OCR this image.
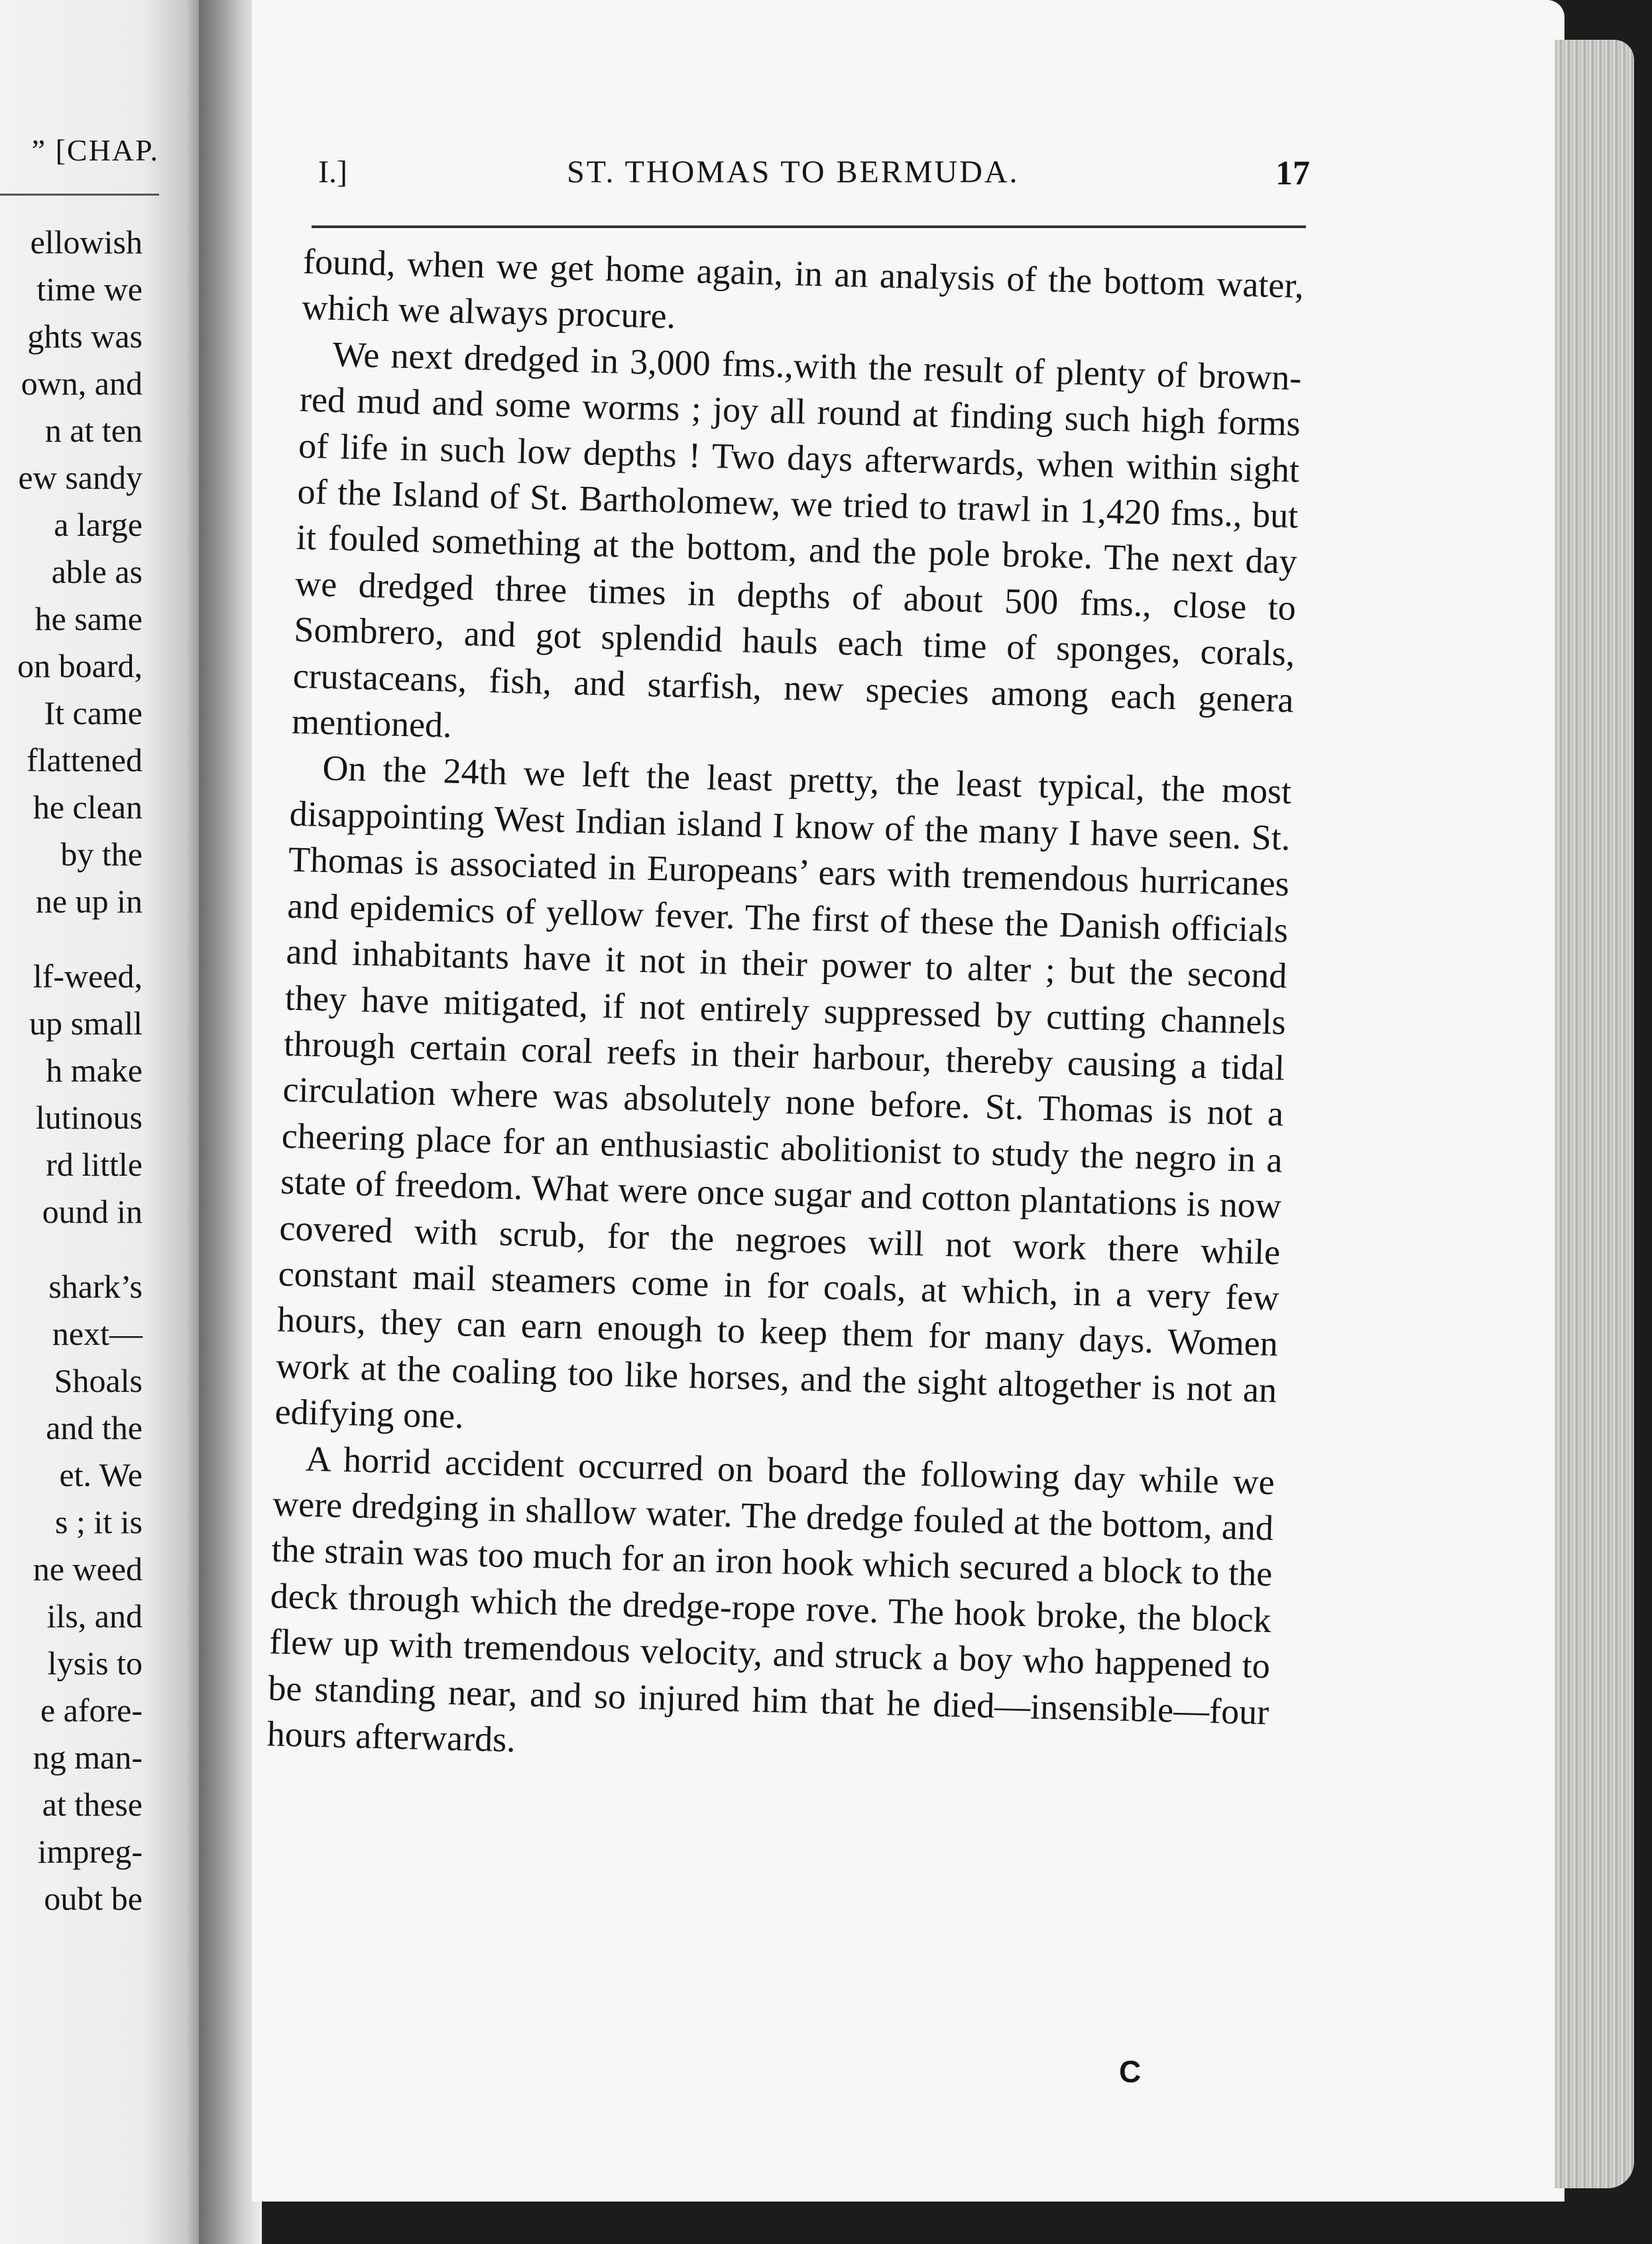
” [CHAP.
ellowish
time we
ghts was
own, and
n at ten
ew sandy
a large
able as
he same
on board,
It came
flattened
he clean
by the
ne up in
lf-weed,
up small
h make
lutinous
rd little
ound in
shark’s
next—
Shoals
and the
et. We
s ; it is
ne weed
ils, and
lysis to
e afore-
ng man-
at these
impreg-
oubt be
I.]	ST. THOMAS TO BERMUDA.	17

found, when we get home again, in an analysis of the bottom water, which we always procure.

We next dredged in 3,000 fms.,with the result of plenty of brown-red mud and some worms ; joy all round at finding such high forms of life in such low depths ! Two days afterwards, when within sight of the Island of St. Bartholomew, we tried to trawl in 1,420 fms., but it fouled something at the bottom, and the pole broke. The next day we dredged three times in depths of about 500 fms., close to Sombrero, and got splendid hauls each time of sponges, corals, crustaceans, fish, and starfish, new species among each genera mentioned.

On the 24th we left the least pretty, the least typical, the most disappointing West Indian island I know of the many I have seen. St. Thomas is associated in Europeans’ ears with tremendous hurricanes and epidemics of yellow fever. The first of these the Danish officials and inhabitants have it not in their power to alter ; but the second they have mitigated, if not entirely suppressed by cutting channels through certain coral reefs in their harbour, thereby causing a tidal circulation where was absolutely none before. St. Thomas is not a cheering place for an enthusiastic abolitionist to study the negro in a state of freedom. What were once sugar and cotton plantations is now covered with scrub, for the negroes will not work there while constant mail steamers come in for coals, at which, in a very few hours, they can earn enough to keep them for many days. Women work at the coaling too like horses, and the sight altogether is not an edifying one.

A horrid accident occurred on board the following day while we were dredging in shallow water. The dredge fouled at the bottom, and the strain was too much for an iron hook which secured a block to the deck through which the dredge-rope rove. The hook broke, the block flew up with tremendous velocity, and struck a boy who happened to be standing near, and so injured him that he died—insensible—four hours afterwards.

C
